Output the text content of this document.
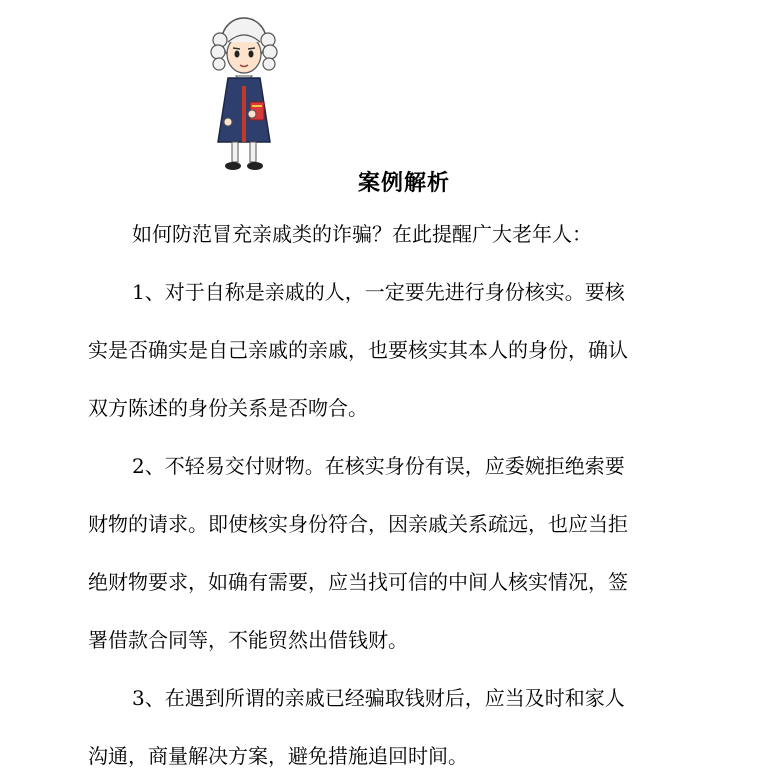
案例解析
如何防范冒充亲戚类的诈骗？在此提醒广大老年人：
1、对于自称是亲戚的人，一定要先进行身份核实。要核
实是否确实是自己亲戚的亲戚，也要核实其本人的身份，确认
双方陈述的身份关系是否吻合。
2、不轻易交付财物。在核实身份有误，应委婉拒绝索要
财物的请求。即使核实身份符合，因亲戚关系疏远，也应当拒
绝财物要求，如确有需要，应当找可信的中间人核实情况，签
署借款合同等，不能贸然出借钱财。
3、在遇到所谓的亲戚已经骗取钱财后，应当及时和家人
沟通，商量解决方案，避免措施追回时间。
